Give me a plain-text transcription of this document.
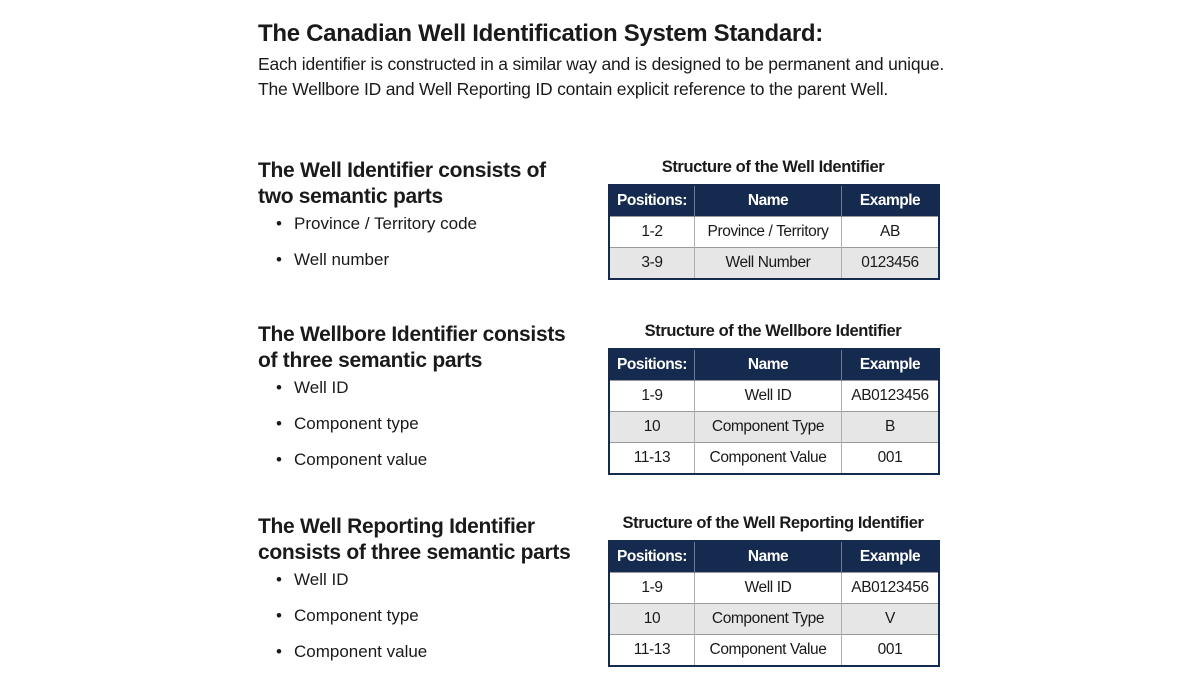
The Canadian Well Identification System Standard:

Each identifier is constructed in a similar way and is designed to be permanent and unique. The Wellbore ID and Well Reporting ID contain explicit reference to the parent Well.

The Well Identifier consists of two semantic parts
• Province / Territory code
• Well number
Structure of the Well Identifier
Positions:	Name	Example
1-2	Province / Territory	AB
3-9	Well Number	0123456
The Wellbore Identifier consists of three semantic parts
• Well ID
• Component type
• Component value
Structure of the Wellbore Identifier
Positions:	Name	Example
1-9	Well ID	AB0123456
10	Component Type	B
11-13	Component Value	001
The Well Reporting Identifier consists of three semantic parts
• Well ID
• Component type
• Component value
Structure of the Well Reporting Identifier
Positions:	Name	Example
1-9	Well ID	AB0123456
10	Component Type	V
11-13	Component Value	001
